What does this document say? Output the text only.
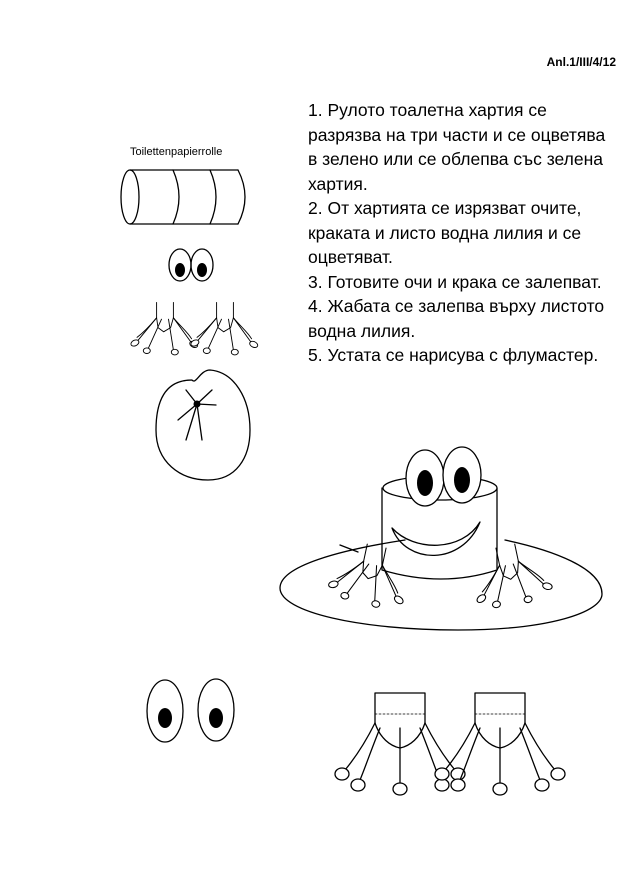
Anl.1/III/4/12
Toilettenpapierrolle
1. Рулото тоалетна хартия се разрязва на три части и се оцветява в зелено или се облепва със зелена хартия.
2. От хартията се изрязват очите, краката и листо водна лилия и се оцветяват.
3. Готовите очи и крака се залепват.
4. Жабата се залепва върху листото водна лилия.
5. Устата се нарисува с флумастер.
